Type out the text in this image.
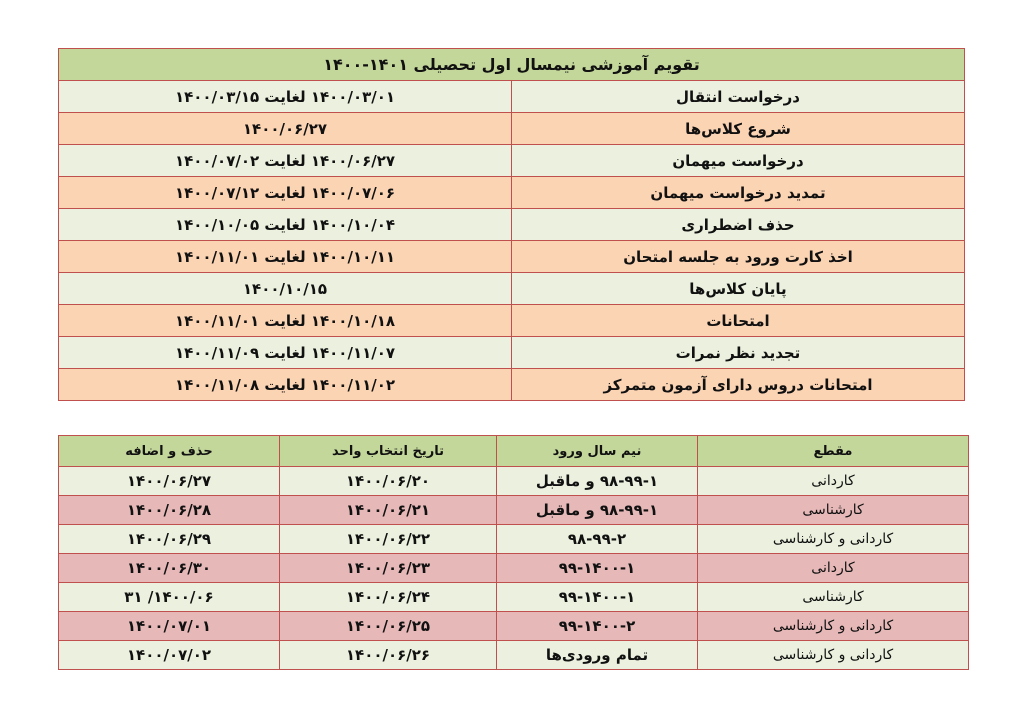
تقویم آموزشی نیمسال اول تحصیلی ۱۴۰۱-۱۴۰۰	
درخواست انتقال	۱۴۰۰/۰۳/۰۱ لغایت ۱۴۰۰/۰۳/۱۵
شروع کلاس‌ها	۱۴۰۰/۰۶/۲۷
درخواست میهمان	۱۴۰۰/۰۶/۲۷ لغایت ۱۴۰۰/۰۷/۰۲
تمدید درخواست میهمان	۱۴۰۰/۰۷/۰۶ لغایت ۱۴۰۰/۰۷/۱۲
حذف اضطراری	۱۴۰۰/۱۰/۰۴ لغایت ۱۴۰۰/۱۰/۰۵
اخذ کارت ورود به جلسه امتحان	۱۴۰۰/۱۰/۱۱ لغایت ۱۴۰۰/۱۱/۰۱
پایان کلاس‌ها	۱۴۰۰/۱۰/۱۵
امتحانات	۱۴۰۰/۱۰/۱۸ لغایت ۱۴۰۰/۱۱/۰۱
تجدید نظر نمرات	۱۴۰۰/۱۱/۰۷ لغایت ۱۴۰۰/۱۱/۰۹
امتحانات دروس دارای آزمون متمرکز	۱۴۰۰/۱۱/۰۲ لغایت ۱۴۰۰/۱۱/۰۸
مقطع	نیم سال ورود	تاریخ انتخاب واحد	حذف و اضافه
کاردانی	۹۸-۹۹-۱ و ماقبل	۱۴۰۰/۰۶/۲۰	۱۴۰۰/۰۶/۲۷
کارشناسی	۹۸-۹۹-۱ و ماقبل	۱۴۰۰/۰۶/۲۱	۱۴۰۰/۰۶/۲۸
کاردانی و کارشناسی	۹۸-۹۹-۲	۱۴۰۰/۰۶/۲۲	۱۴۰۰/۰۶/۲۹
کاردانی	۹۹-۱۴۰۰-۱	۱۴۰۰/۰۶/۲۳	۱۴۰۰/۰۶/۳۰
کارشناسی	۹۹-۱۴۰۰-۱	۱۴۰۰/۰۶/۲۴	۱۴۰۰/۰۶/ ۳۱
کاردانی و کارشناسی	۹۹-۱۴۰۰-۲	۱۴۰۰/۰۶/۲۵	۱۴۰۰/۰۷/۰۱
کاردانی و کارشناسی	تمام ورودی‌ها	۱۴۰۰/۰۶/۲۶	۱۴۰۰/۰۷/۰۲
